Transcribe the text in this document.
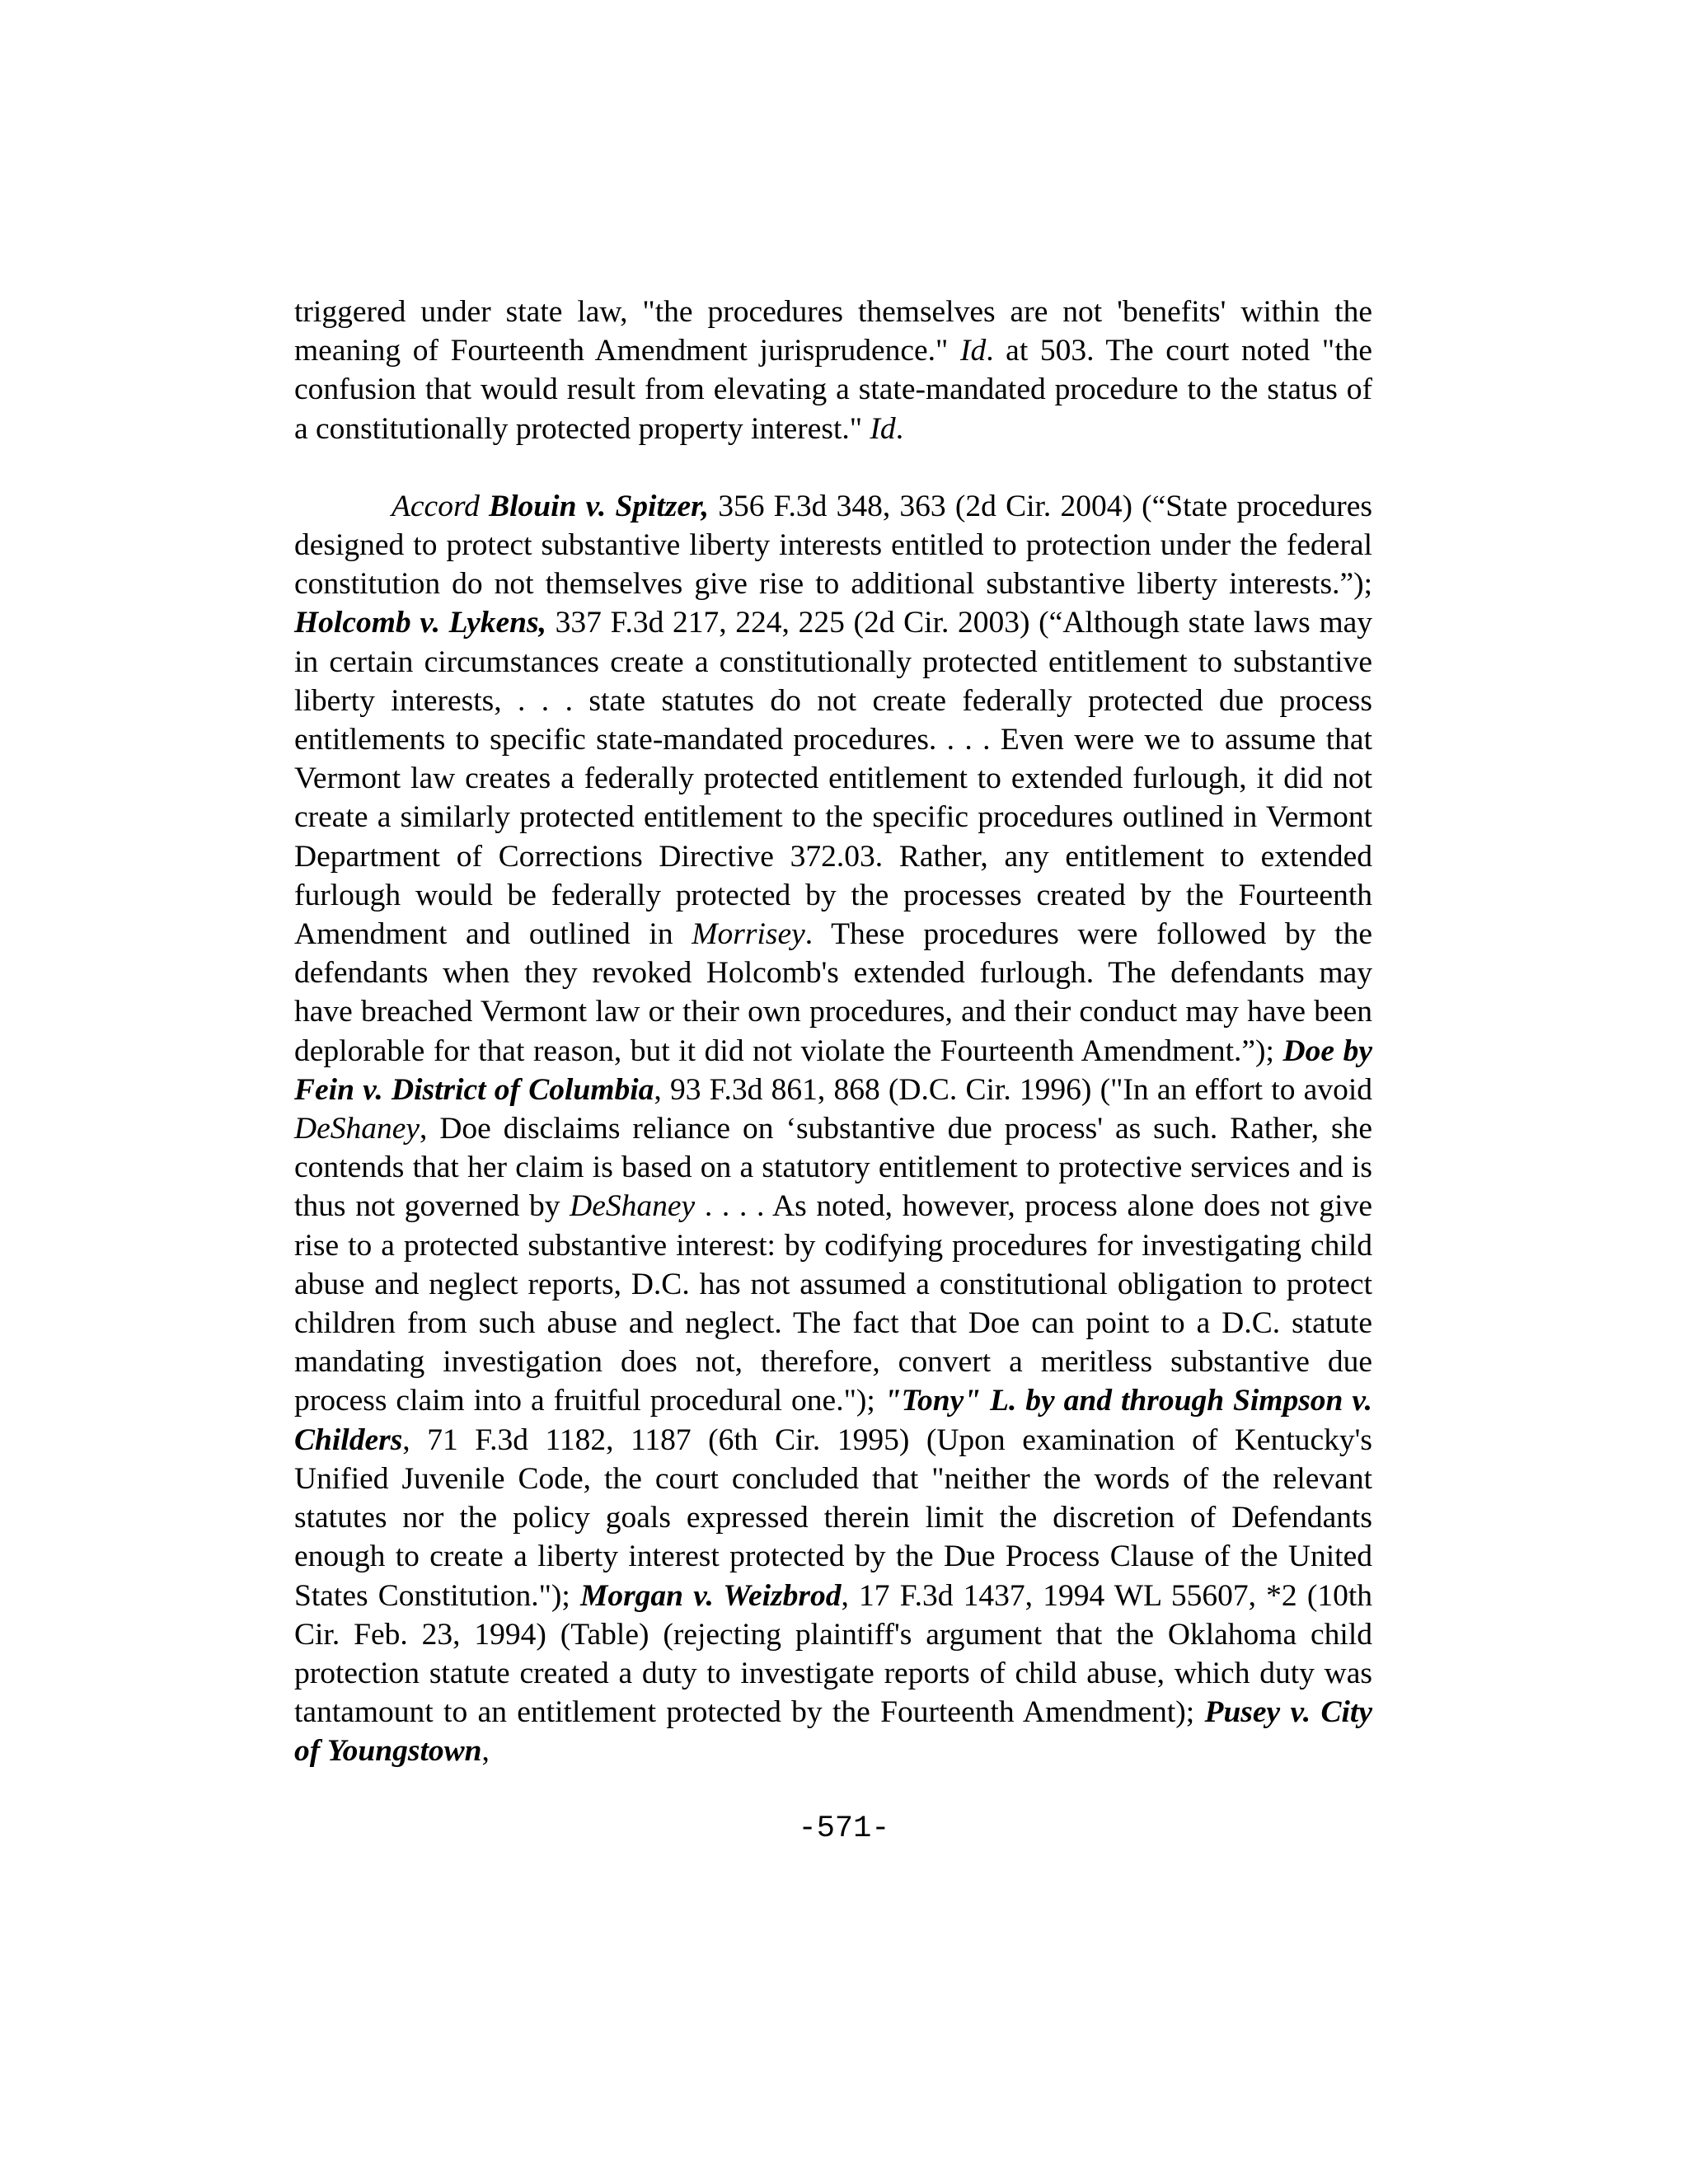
triggered under state law, "the procedures themselves are not 'benefits' within the meaning of Fourteenth Amendment jurisprudence." Id. at 503. The court noted "the confusion that would result from elevating a state-mandated procedure to the status of a constitutionally protected property interest." Id.

Accord Blouin v. Spitzer, 356 F.3d 348, 363 (2d Cir. 2004) (“State procedures designed to protect substantive liberty interests entitled to protection under the federal constitution do not themselves give rise to additional substantive liberty interests.”); Holcomb v. Lykens, 337 F.3d 217, 224, 225 (2d Cir. 2003) (“Although state laws may in certain circumstances create a constitutionally protected entitlement to substantive liberty interests, . . . state statutes do not create federally protected due process entitlements to specific state-mandated procedures. . . . Even were we to assume that Vermont law creates a federally protected entitlement to extended furlough, it did not create a similarly protected entitlement to the specific procedures outlined in Vermont Department of Corrections Directive 372.03. Rather, any entitlement to extended furlough would be federally protected by the processes created by the Fourteenth Amendment and outlined in Morrisey. These procedures were followed by the defendants when they revoked Holcomb's extended furlough. The defendants may have breached Vermont law or their own procedures, and their conduct may have been deplorable for that reason, but it did not violate the Fourteenth Amendment.”); Doe by Fein v. District of Columbia, 93 F.3d 861, 868 (D.C. Cir. 1996) ("In an effort to avoid DeShaney, Doe disclaims reliance on ‘substantive due process' as such. Rather, she contends that her claim is based on a statutory entitlement to protective services and is thus not governed by DeShaney . . . . As noted, however, process alone does not give rise to a protected substantive interest: by codifying procedures for investigating child abuse and neglect reports, D.C. has not assumed a constitutional obligation to protect children from such abuse and neglect. The fact that Doe can point to a D.C. statute mandating investigation does not, therefore, convert a meritless substantive due process claim into a fruitful procedural one."); "Tony" L. by and through Simpson v. Childers, 71 F.3d 1182, 1187 (6th Cir. 1995) (Upon examination of Kentucky's Unified Juvenile Code, the court concluded that "neither the words of the relevant statutes nor the policy goals expressed therein limit the discretion of Defendants enough to create a liberty interest protected by the Due Process Clause of the United States Constitution."); Morgan v. Weizbrod, 17 F.3d 1437, 1994 WL 55607, *2 (10th Cir. Feb. 23, 1994) (Table) (rejecting plaintiff's argument that the Oklahoma child protection statute created a duty to investigate reports of child abuse, which duty was tantamount to an entitlement protected by the Fourteenth Amendment); Pusey v. City of Youngstown,

-571-
